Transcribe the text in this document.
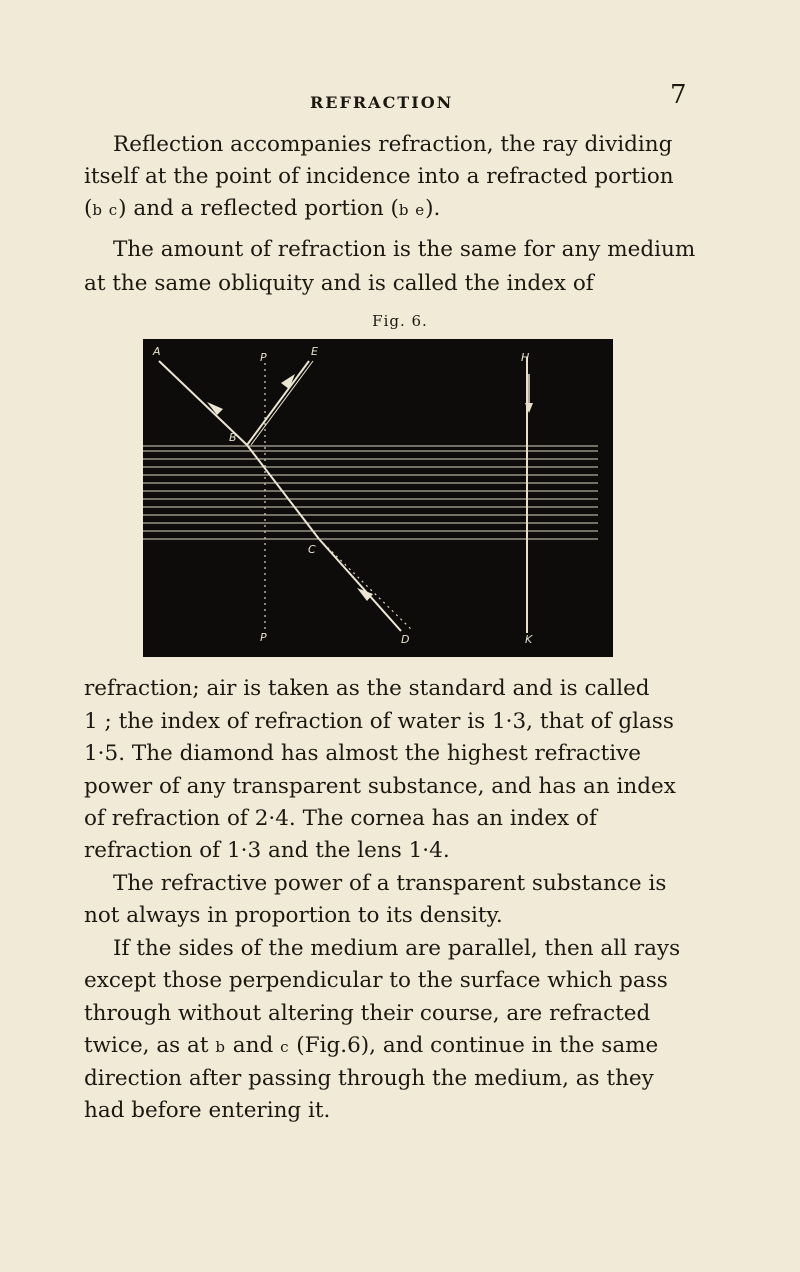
REFRACTION	7
Reflection accompanies refraction, the ray dividing
itself at the point of incidence into a refracted portion
(b c) and a reflected portion (b e).
The amount of refraction is the same for any medium
at the same obliquity and is called the index of
Fig. 6.
A	P	E	H
B
C
P	D	K
refraction; air is taken as the standard and is called
1 ; the index of refraction of water is 1·3, that of glass
1·5. The diamond has almost the highest refractive
power of any transparent substance, and has an index
of refraction of 2·4. The cornea has an index of
refraction of 1·3 and the lens 1·4.
The refractive power of a transparent substance is
not always in proportion to its density.
If the sides of the medium are parallel, then all rays
except those perpendicular to the surface which pass
through without altering their course, are refracted
twice, as at b and c (Fig.6), and continue in the same
direction after passing through the medium, as they
had before entering it.
